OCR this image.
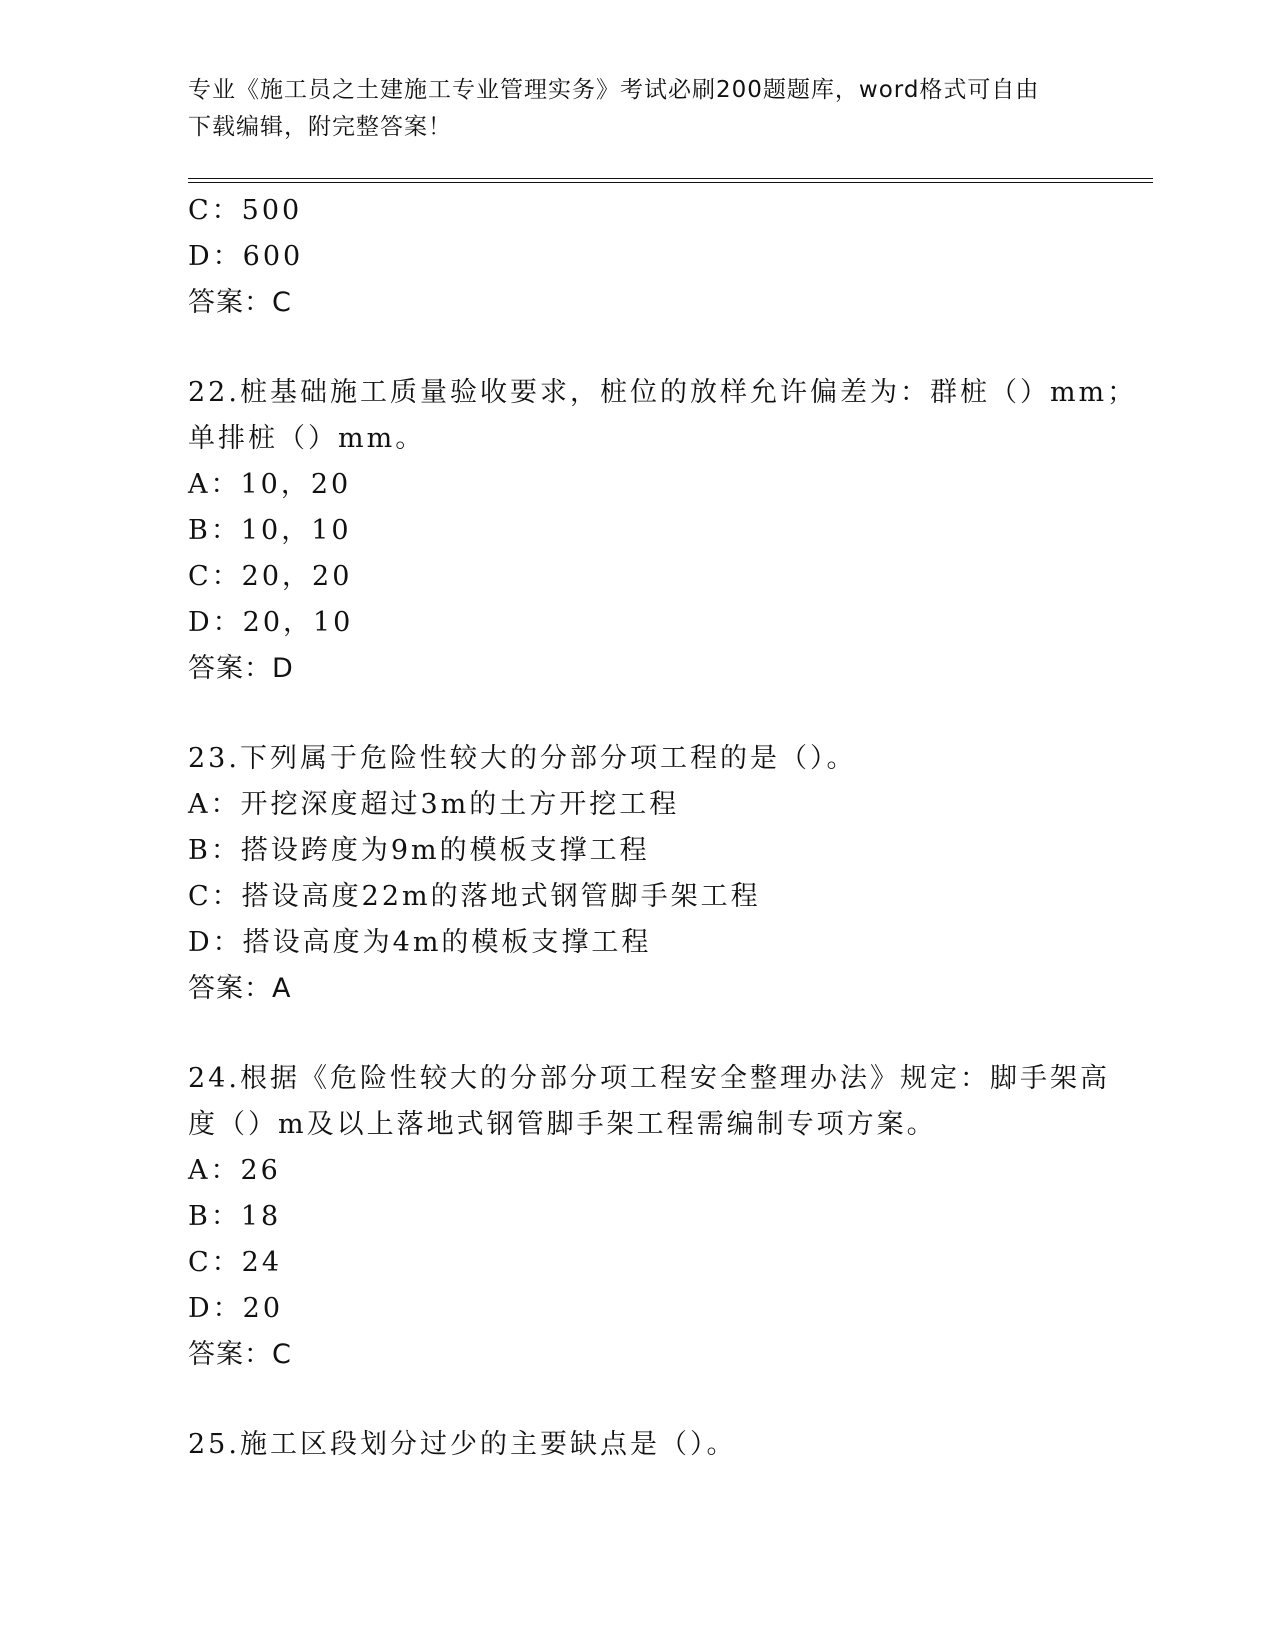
专业《施工员之土建施工专业管理实务》考试必刷200题题库，word格式可自由
下载编辑，附完整答案！
C：500
D：600
答案：C
22.桩基础施工质量验收要求，桩位的放样允许偏差为：群桩（）mm；
单排桩（）mm。
A：10，20
B：10，10
C：20，20
D：20，10
答案：D
23.下列属于危险性较大的分部分项工程的是（）。
A：开挖深度超过3m的土方开挖工程
B：搭设跨度为9m的模板支撑工程
C：搭设高度22m的落地式钢管脚手架工程
D：搭设高度为4m的模板支撑工程
答案：A
24.根据《危险性较大的分部分项工程安全整理办法》规定：脚手架高
度（）m及以上落地式钢管脚手架工程需编制专项方案。
A：26
B：18
C：24
D：20
答案：C
25.施工区段划分过少的主要缺点是（）。
